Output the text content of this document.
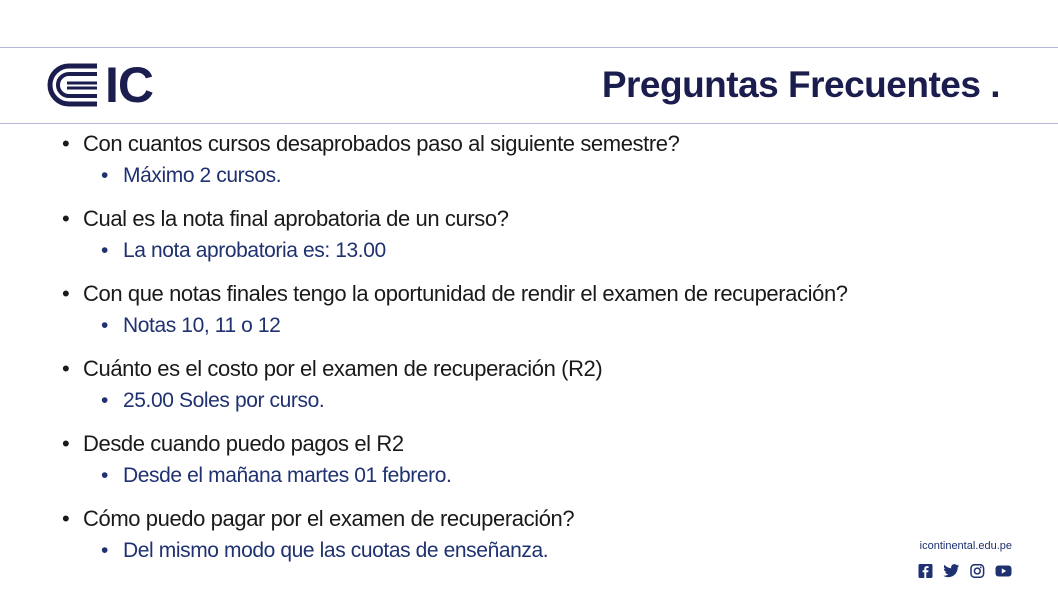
IC	Preguntas Frecuentes .
• Con cuantos cursos desaprobados paso al siguiente semestre?
• Máximo 2 cursos.
• Cual es la nota final aprobatoria de un curso?
• La nota aprobatoria es: 13.00
• Con que notas finales tengo la oportunidad de rendir el examen de recuperación?
• Notas 10, 11 o 12
• Cuánto es el costo por el examen de recuperación (R2)
• 25.00 Soles por curso.
• Desde cuando puedo pagos el R2
• Desde el mañana martes 01 febrero.
• Cómo puedo pagar por el examen de recuperación?
• Del mismo modo que las cuotas de enseñanza.	icontinental.edu.pe
